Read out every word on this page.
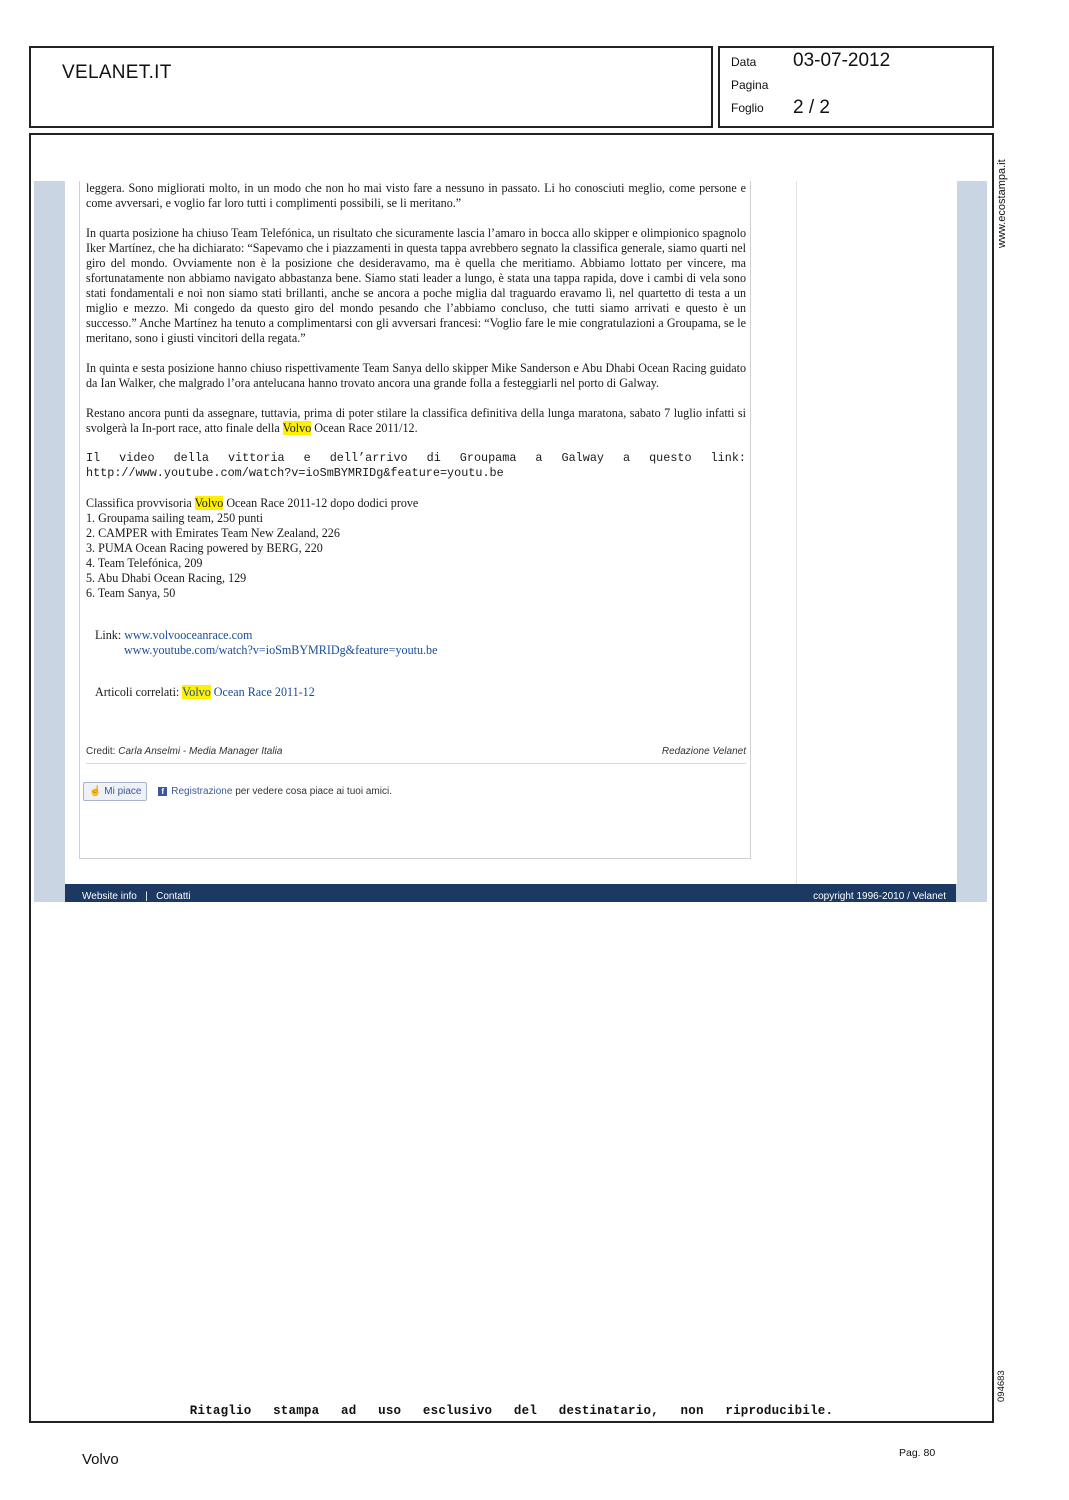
VELANET.IT	Data 03-07-2012
Pagina
Foglio 2 / 2
www.ecostampa.it
094683

leggera. Sono migliorati molto, in un modo che non ho mai visto fare a nessuno in passato. Li ho conosciuti meglio, come persone e come avversari, e voglio far loro tutti i complimenti possibili, se li meritano.”

In quarta posizione ha chiuso Team Telefónica, un risultato che sicuramente lascia l’amaro in bocca allo skipper e olimpionico spagnolo Iker Martínez, che ha dichiarato: “Sapevamo che i piazzamenti in questa tappa avrebbero segnato la classifica generale, siamo quarti nel giro del mondo. Ovviamente non è la posizione che desideravamo, ma è quella che meritiamo. Abbiamo lottato per vincere, ma sfortunatamente non abbiamo navigato abbastanza bene. Siamo stati leader a lungo, è stata una tappa rapida, dove i cambi di vela sono stati fondamentali e noi non siamo stati brillanti, anche se ancora a poche miglia dal traguardo eravamo lì, nel quartetto di testa a un miglio e mezzo. Mi congedo da questo giro del mondo pesando che l’abbiamo concluso, che tutti siamo arrivati e questo è un successo.” Anche Martínez ha tenuto a complimentarsi con gli avversari francesi: “Voglio fare le mie congratulazioni a Groupama, se le meritano, sono i giusti vincitori della regata.”

In quinta e sesta posizione hanno chiuso rispettivamente Team Sanya dello skipper Mike Sanderson e Abu Dhabi Ocean Racing guidato da Ian Walker, che malgrado l’ora antelucana hanno trovato ancora una grande folla a festeggiarli nel porto di Galway.

Restano ancora punti da assegnare, tuttavia, prima di poter stilare la classifica definitiva della lunga maratona, sabato 7 luglio infatti si svolgerà la In-port race, atto finale della Volvo Ocean Race 2011/12.

Il video della vittoria e dell’arrivo di Groupama a Galway a questo link: http://www.youtube.com/watch?v=ioSmBYMRIDg&feature=youtu.be

Classifica provvisoria Volvo Ocean Race 2011-12 dopo dodici prove
1. Groupama sailing team, 250 punti
2. CAMPER with Emirates Team New Zealand, 226
3. PUMA Ocean Racing powered by BERG, 220
4. Team Telefónica, 209
5. Abu Dhabi Ocean Racing, 129
6. Team Sanya, 50
Link: www.volvooceanrace.com
www.youtube.com/watch?v=ioSmBYMRIDg&feature=youtu.be
Articoli correlati: Volvo Ocean Race 2011-12
Credit: Carla Anselmi - Media Manager Italia	Redazione Velanet
☝ Mi piace f Registrazione per vedere cosa piace ai tuoi amici.
Website info | Contatti	copyright 1996-2010 / Velanet
Ritaglio stampa ad uso esclusivo del destinatario, non riproducibile.
Volvo	Pag. 80
